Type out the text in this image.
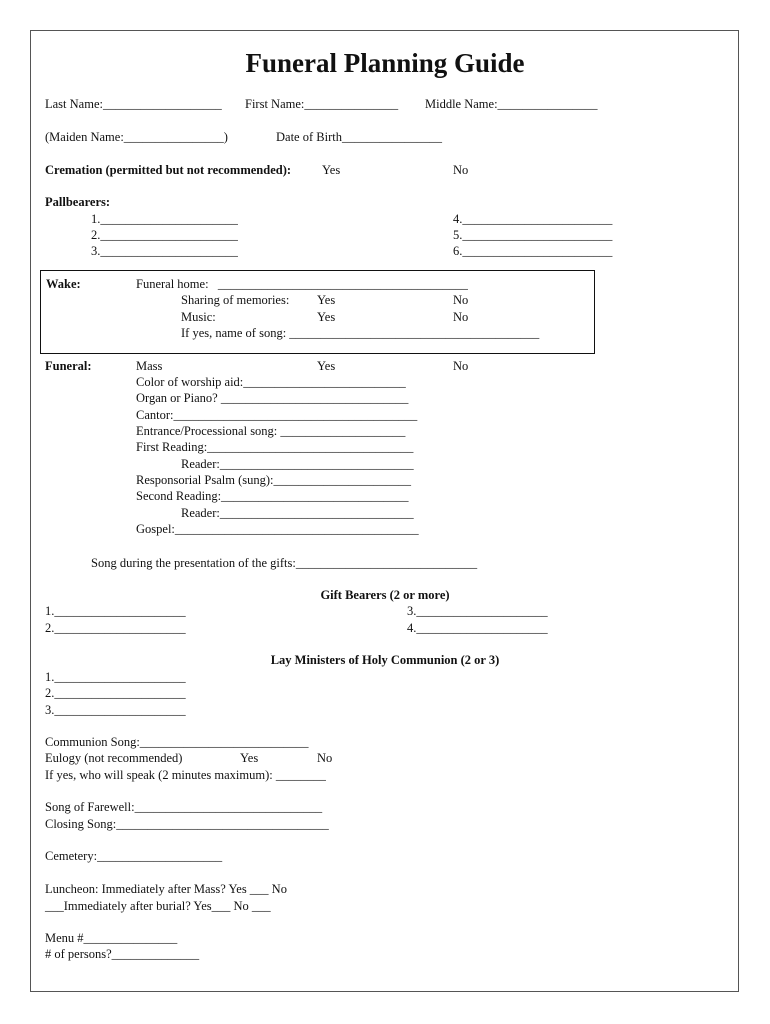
Funeral Planning Guide
Last Name:___________________ First Name:_______________ Middle Name:________________
(Maiden Name:________________)	Date of Birth________________
Cremation (permitted but not recommended): Yes	No
Pallbearers:
1.______________________
2.______________________
3.______________________
4.________________________
5.________________________
6.________________________
Wake:	Funeral home:   ________________________________________
Sharing of memories: Yes	No
Music:	Yes	No
If yes, name of song: ________________________________________
Funeral:	Mass	Yes	No
Color of worship aid:__________________________
Organ or Piano? ______________________________
Cantor:_______________________________________
Entrance/Processional song: ____________________
First Reading:_________________________________
Reader:_______________________________
Responsorial Psalm (sung):______________________
Second Reading:______________________________
Reader:_______________________________
Gospel:_______________________________________
Song during the presentation of the gifts:_____________________________
Gift Bearers (2 or more)
1._____________________
2._____________________
3._____________________
4._____________________
Lay Ministers of Holy Communion (2 or 3)
1._____________________
2._____________________
3._____________________
Communion Song:___________________________
Eulogy (not recommended)	Yes	No
If yes, who will speak (2 minutes maximum): ________
Song of Farewell:______________________________
Closing Song:__________________________________
Cemetery:____________________
Luncheon: Immediately after Mass? Yes ___ No
___Immediately after burial? Yes___ No ___
Menu #_______________
# of persons?______________
